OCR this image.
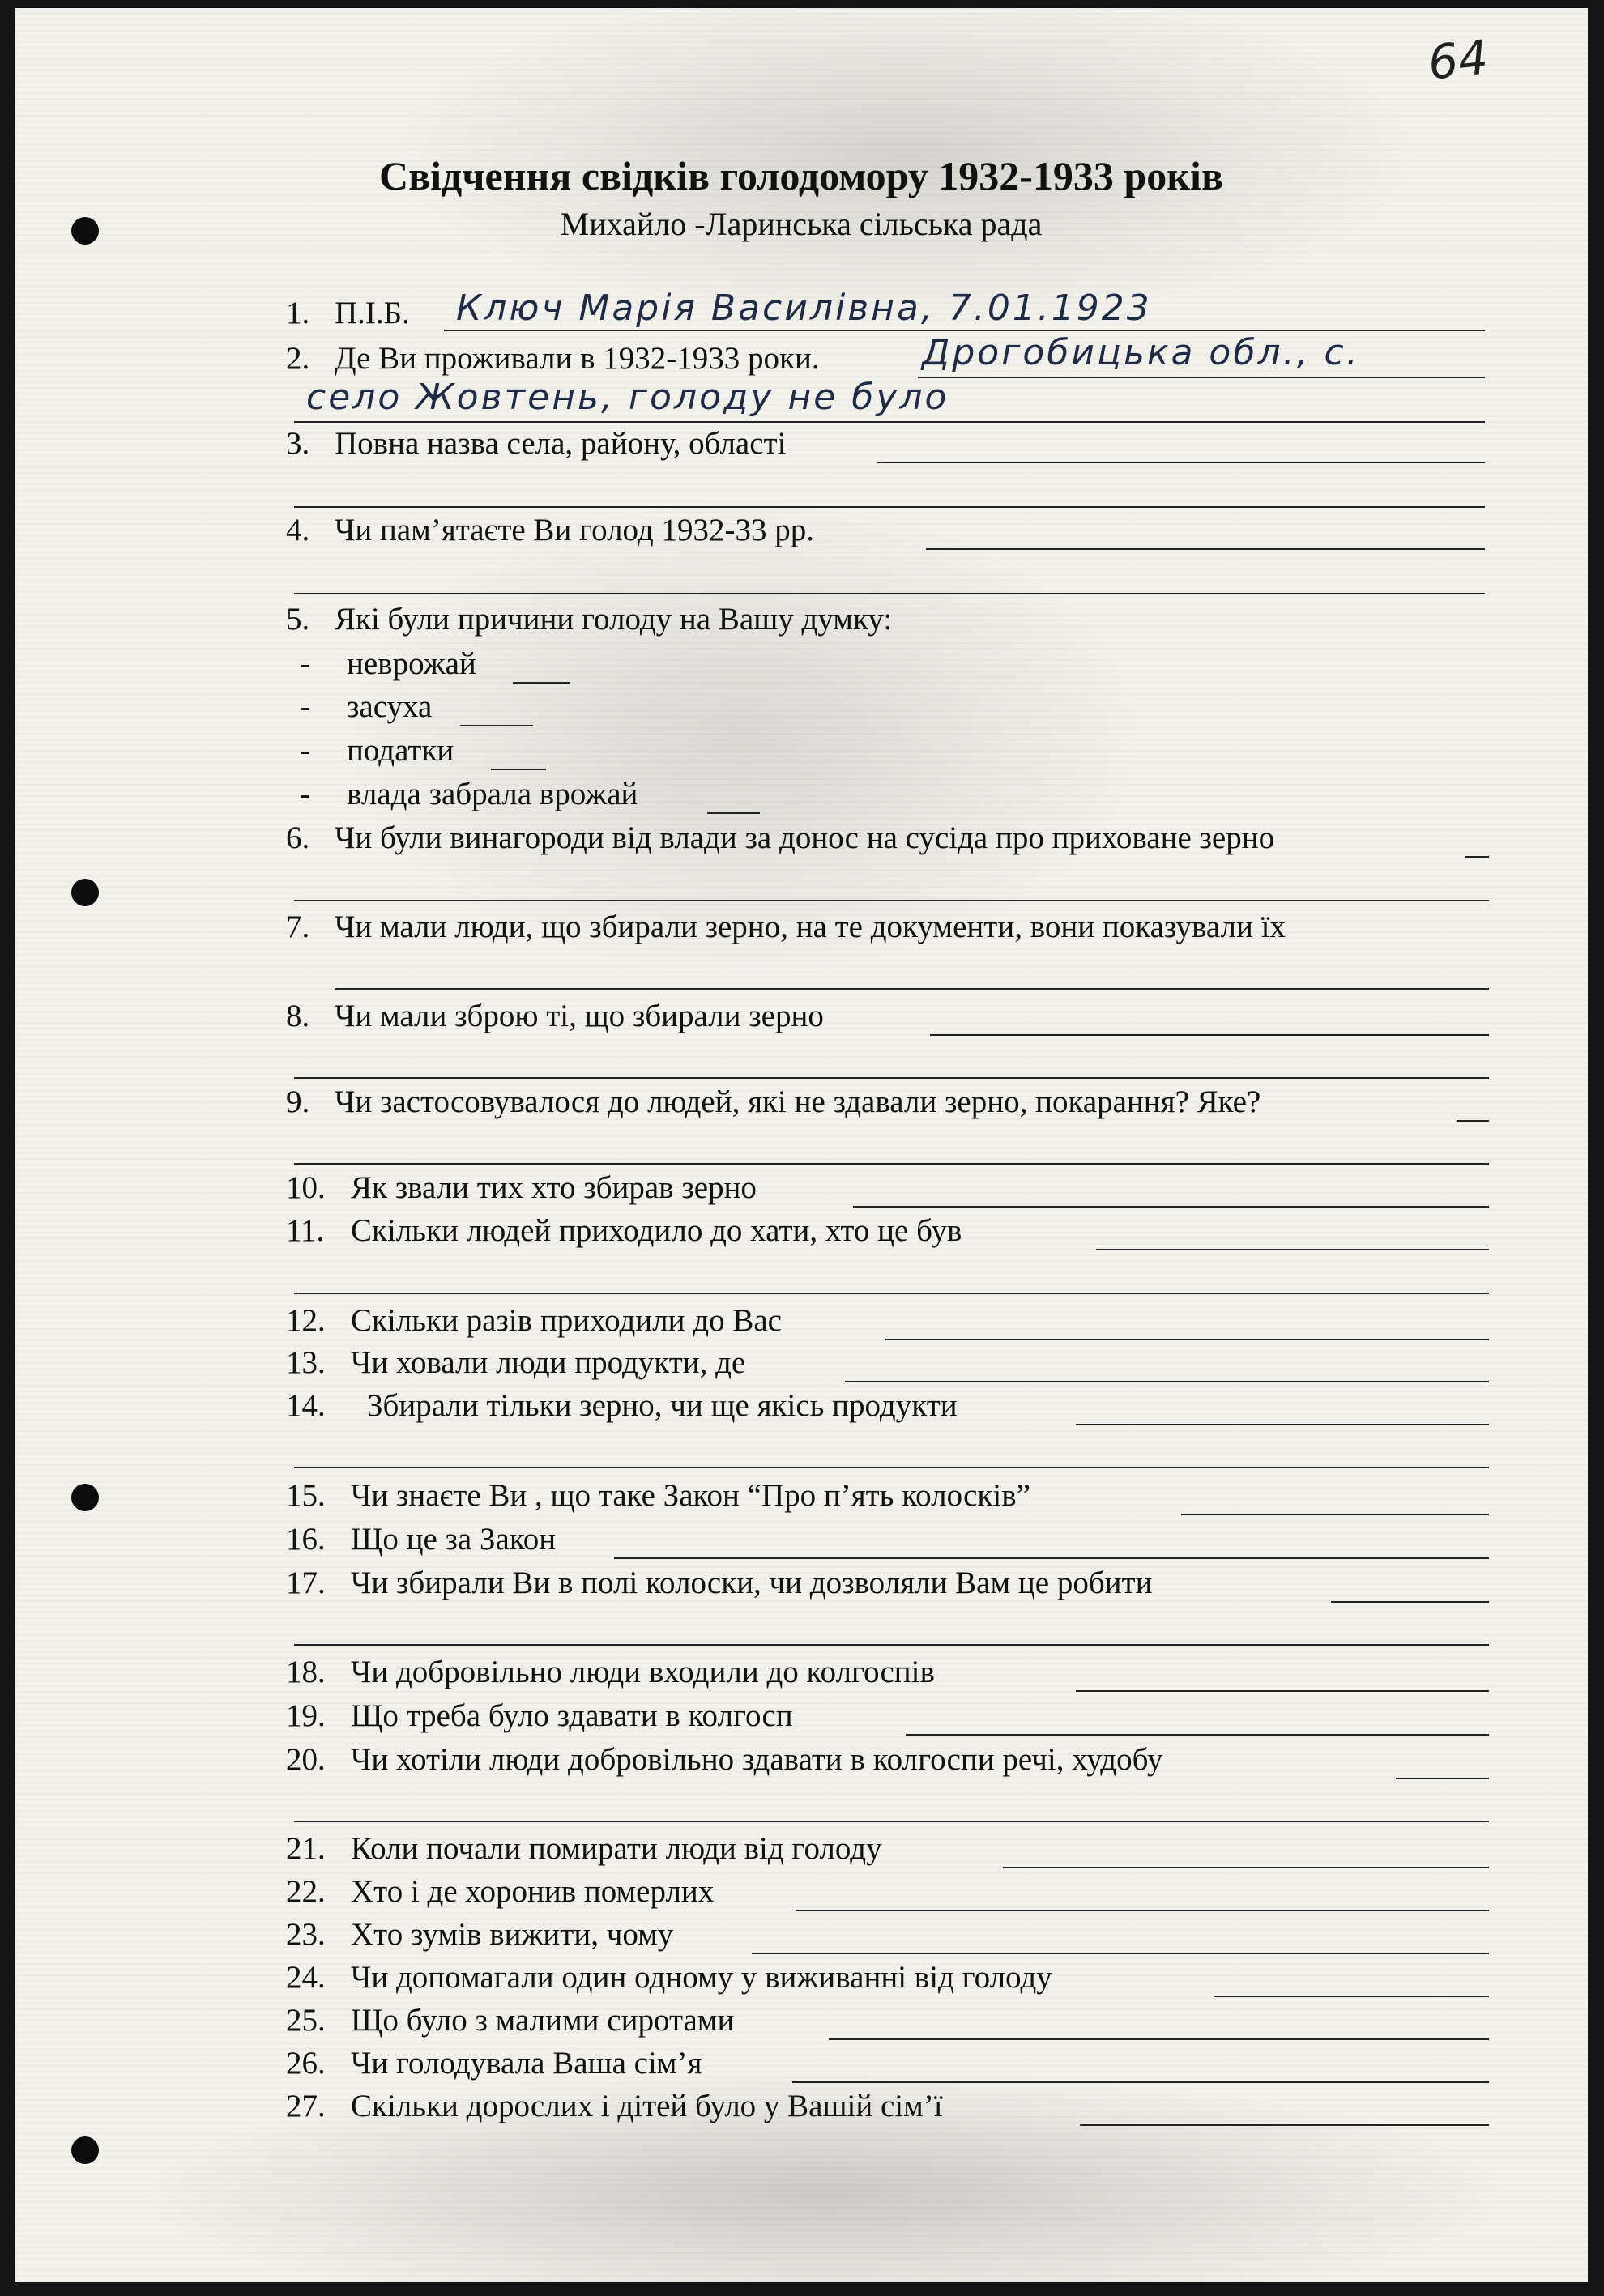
64
Свідчення свідків голодомору 1932-1933 років
Михайло -Ларинська сільська рада
1. П.І.Б. Ключ Марія Василівна, 7.01.1923
2. Де Ви проживали в 1932-1933 роки.	Дрогобицька обл., с.
село Жовтень, голоду не було
3. Повна назва села, району, області
4. Чи пам’ятаєте Ви голод 1932-33 рр.
5. Які були причини голоду на Вашу думку:
- неврожай
- засуха
- податки
- влада забрала врожай
6. Чи були винагороди від влади за донос на сусіда про приховане зерно
7. Чи мали люди, що збирали зерно, на те документи, вони показували їх
8. Чи мали зброю ті, що збирали зерно
9. Чи застосовувалося до людей, які не здавали зерно, покарання? Яке?
10. Як звали тих хто збирав зерно
11. Скільки людей приходило до хати, хто це був
12. Скільки разів приходили до Вас
13. Чи ховали люди продукти, де
14. Збирали тільки зерно, чи ще якісь продукти
15. Чи знаєте Ви , що таке Закон “Про п’ять колосків”
16. Що це за Закон
17. Чи збирали Ви в полі колоски, чи дозволяли Вам це робити
18. Чи добровільно люди входили до колгоспів
19. Що треба було здавати в колгосп
20. Чи хотіли люди добровільно здавати в колгоспи речі, худобу
21. Коли почали помирати люди від голоду
22. Хто і де хоронив померлих
23. Хто зумів вижити, чому
24. Чи допомагали один одному у виживанні від голоду
25. Що було з малими сиротами
26. Чи голодувала Ваша сім’я
27. Скільки дорослих і дітей було у Вашій сім’ї
